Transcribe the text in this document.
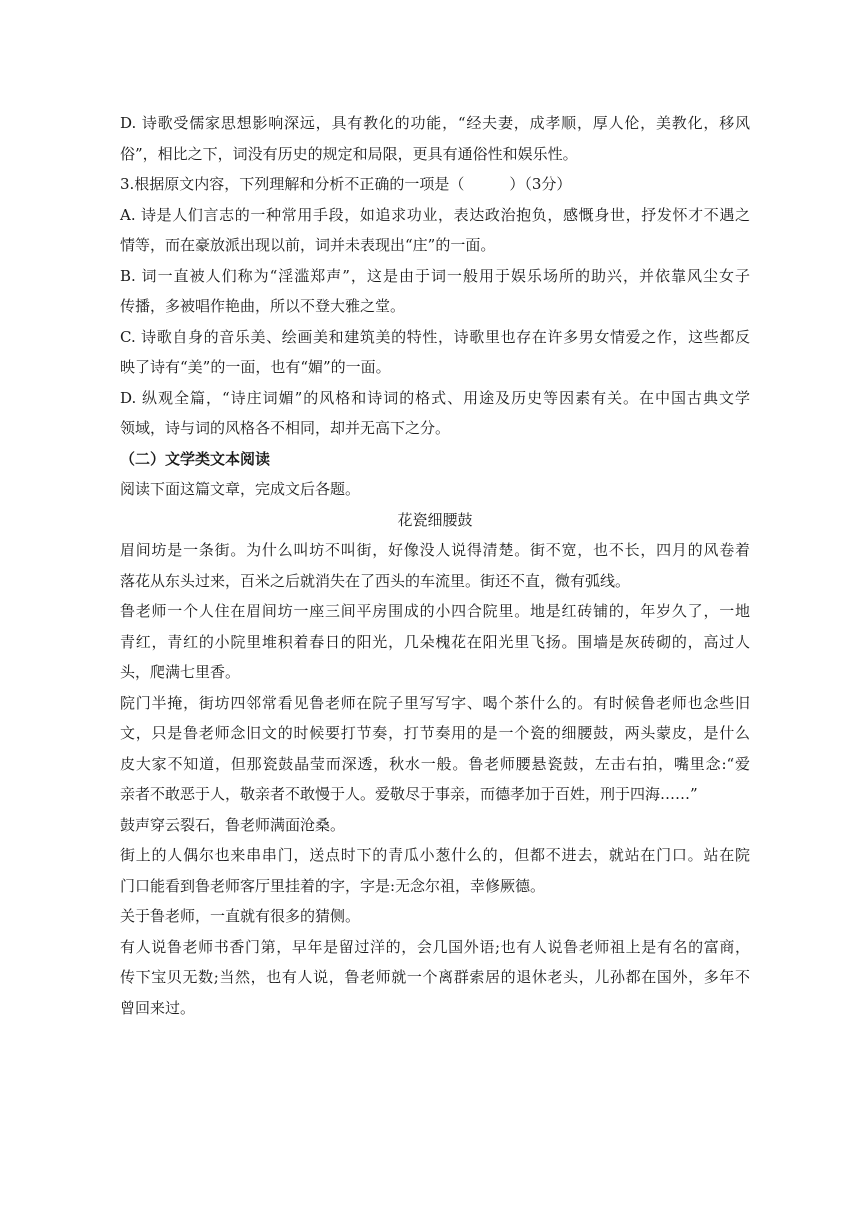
D. 诗歌受儒家思想影响深远，具有教化的功能，“经夫妻，成孝顺，厚人伦，美教化，移风
俗”，相比之下，词没有历史的规定和局限，更具有通俗性和娱乐性。
3.根据原文内容，下列理解和分析不正确的一项是（　　　）（3分）
A. 诗是人们言志的一种常用手段，如追求功业，表达政治抱负，感慨身世，抒发怀才不遇之
情等，而在豪放派出现以前，词并未表现出“庄”的一面。
B. 词一直被人们称为“淫滥郑声”，这是由于词一般用于娱乐场所的助兴，并依靠风尘女子
传播，多被唱作艳曲，所以不登大雅之堂。
C. 诗歌自身的音乐美、绘画美和建筑美的特性，诗歌里也存在许多男女情爱之作，这些都反
映了诗有“美”的一面，也有“媚”的一面。
D. 纵观全篇，“诗庄词媚”的风格和诗词的格式、用途及历史等因素有关。在中国古典文学
领域，诗与词的风格各不相同，却并无高下之分。
（二）文学类文本阅读
阅读下面这篇文章，完成文后各题。
花瓷细腰鼓
眉间坊是一条街。为什么叫坊不叫街，好像没人说得清楚。街不宽，也不长，四月的风卷着
落花从东头过来，百米之后就消失在了西头的车流里。街还不直，微有弧线。
鲁老师一个人住在眉间坊一座三间平房围成的小四合院里。地是红砖铺的，年岁久了，一地
青红，青红的小院里堆积着春日的阳光，几朵槐花在阳光里飞扬。围墙是灰砖砌的，高过人
头，爬满七里香。
院门半掩，街坊四邻常看见鲁老师在院子里写写字、喝个茶什么的。有时候鲁老师也念些旧
文，只是鲁老师念旧文的时候要打节奏，打节奏用的是一个瓷的细腰鼓，两头蒙皮，是什么
皮大家不知道，但那瓷鼓晶莹而深透，秋水一般。鲁老师腰悬瓷鼓，左击右拍，嘴里念:“爱
亲者不敢恶于人，敬亲者不敢慢于人。爱敬尽于事亲，而德孝加于百姓，刑于四海……”
鼓声穿云裂石，鲁老师满面沧桑。
街上的人偶尔也来串串门，送点时下的青瓜小葱什么的，但都不进去，就站在门口。站在院
门口能看到鲁老师客厅里挂着的字，字是:无念尔祖，幸修厥德。
关于鲁老师，一直就有很多的猜侧。
有人说鲁老师书香门第，早年是留过洋的，会几国外语;也有人说鲁老师祖上是有名的富商，
传下宝贝无数;当然，也有人说，鲁老师就一个离群索居的退休老头，儿孙都在国外，多年不
曾回来过。
